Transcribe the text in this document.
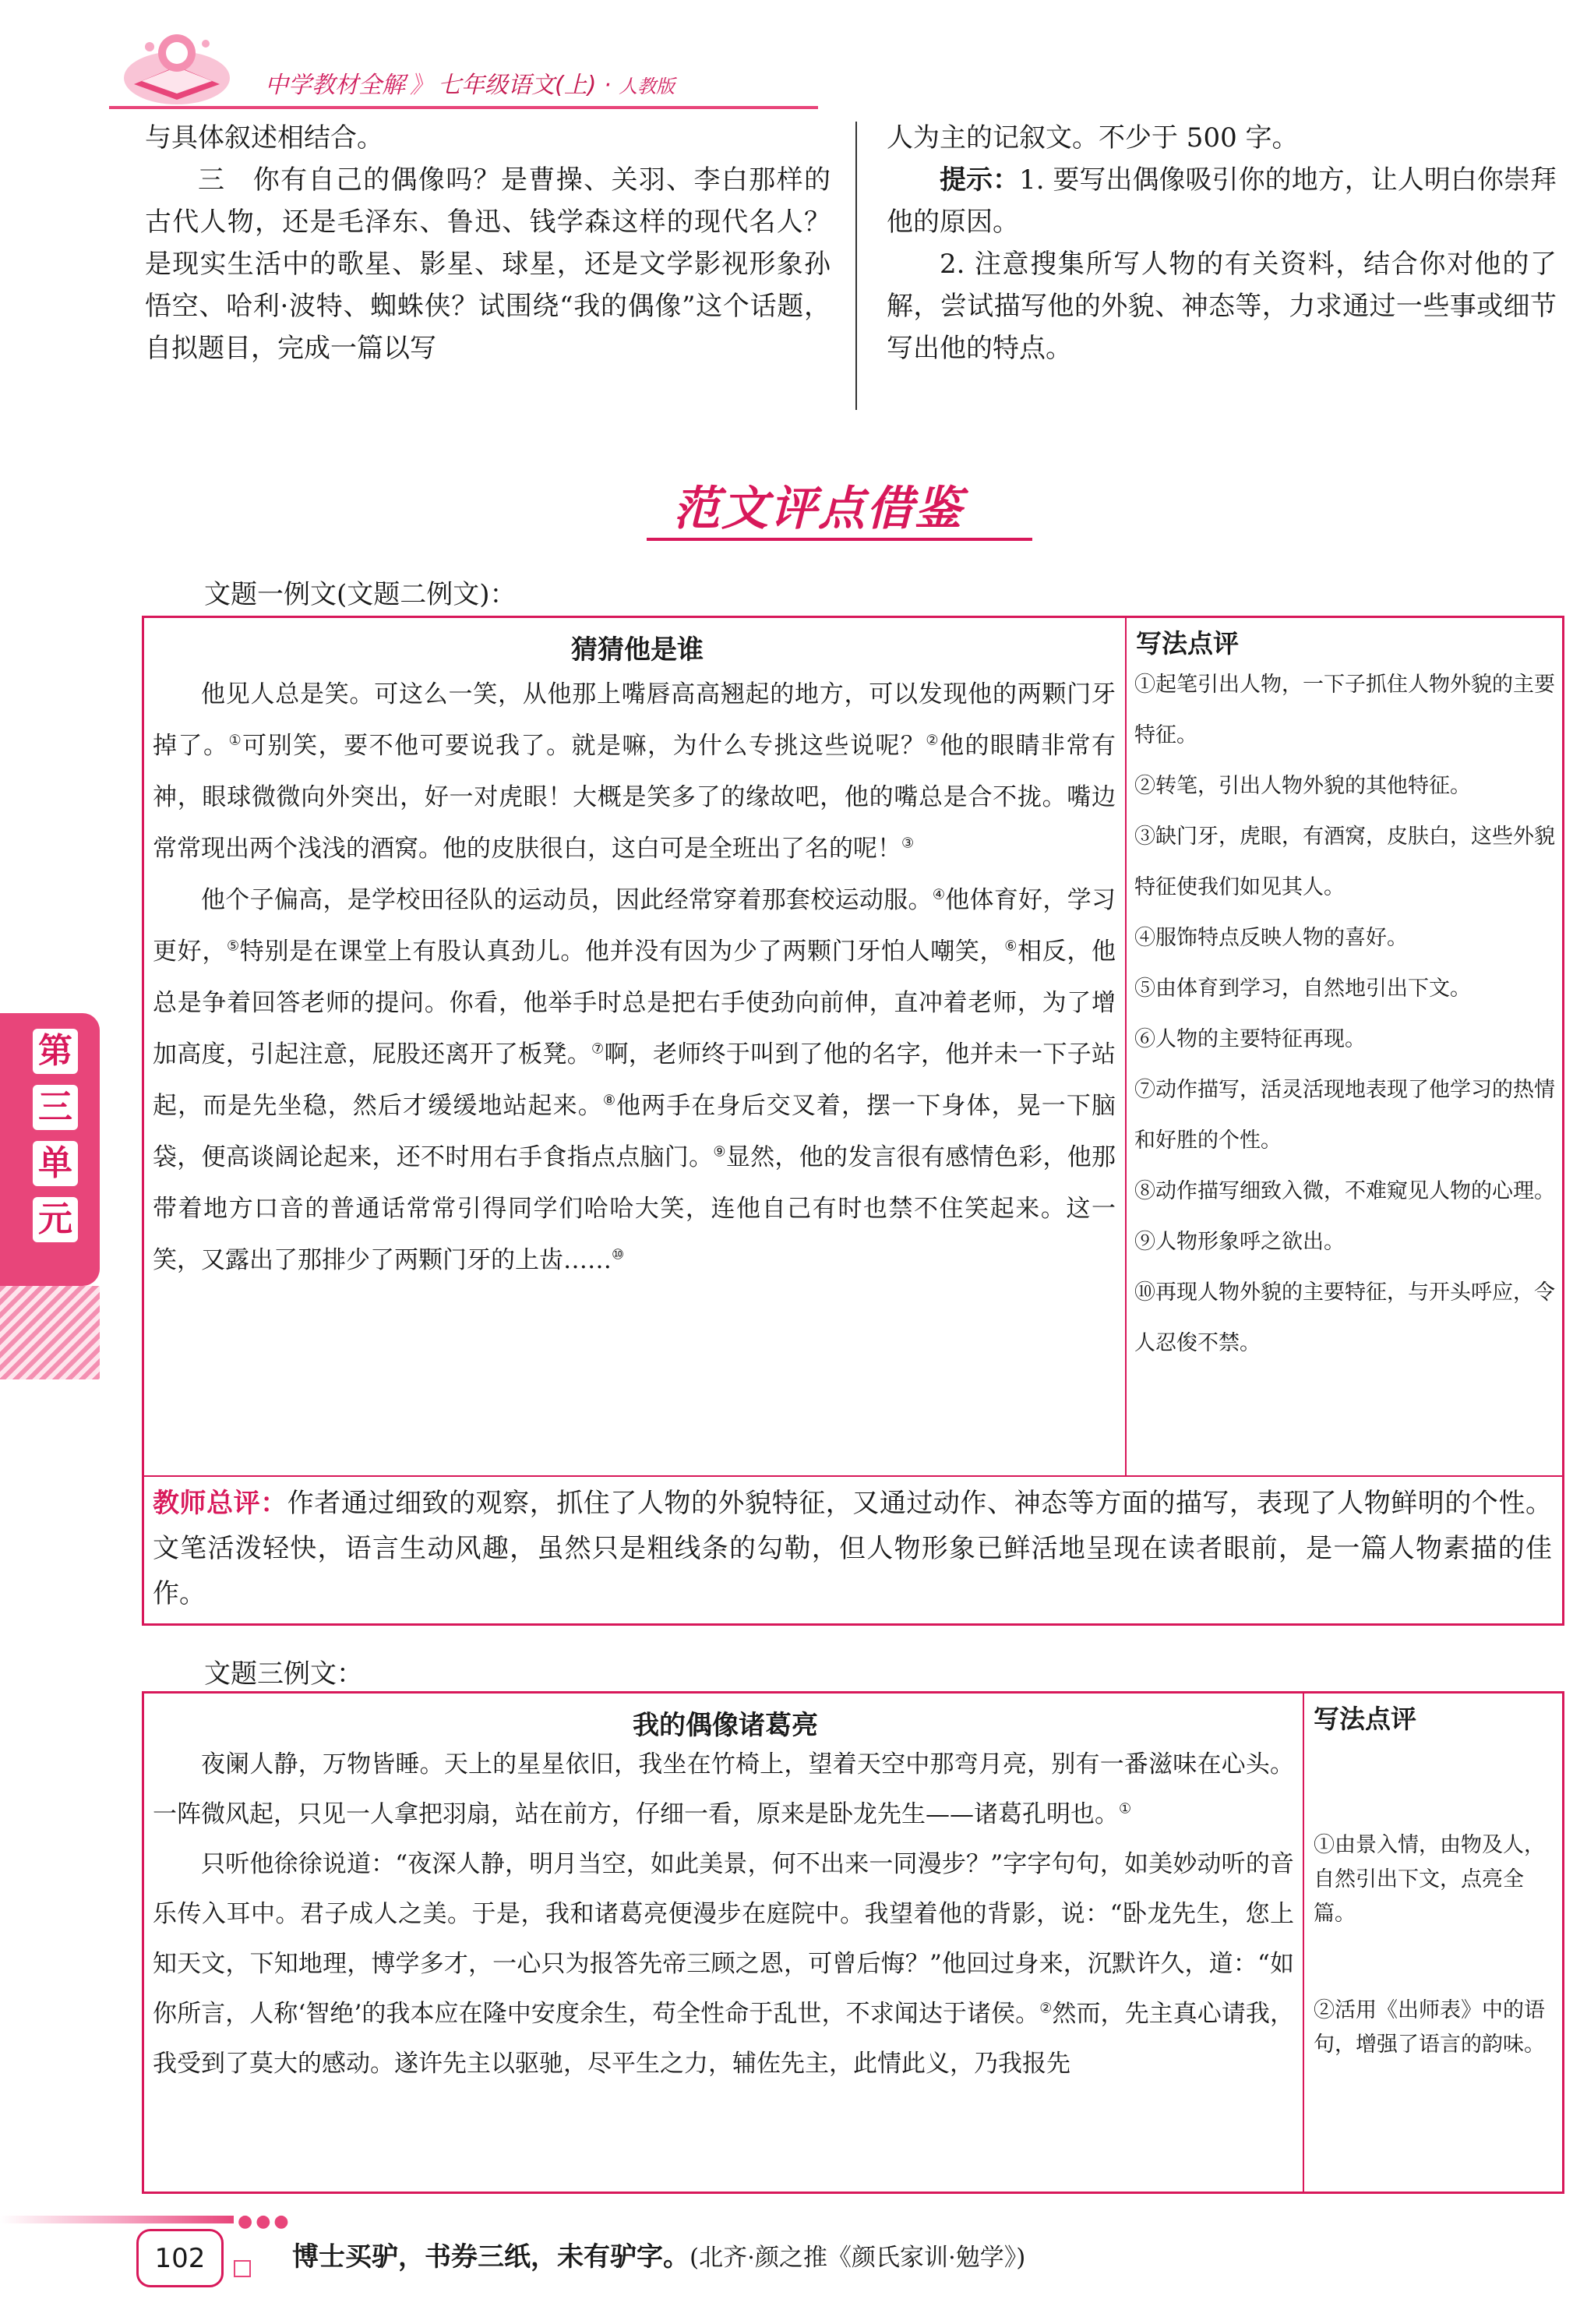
中学教材全解 》 七年级语文(上) · 人教版

与具体叙述相结合。

三　你有自己的偶像吗？是曹操、关羽、李白那样的古代人物，还是毛泽东、鲁迅、钱学森这样的现代名人？是现实生活中的歌星、影星、球星，还是文学影视形象孙悟空、哈利·波特、蜘蛛侠？试围绕“我的偶像”这个话题，自拟题目，完成一篇以写

人为主的记叙文。不少于 500 字。

提示：1. 要写出偶像吸引你的地方，让人明白你崇拜他的原因。

2. 注意搜集所写人物的有关资料，结合你对他的了解，尝试描写他的外貌、神态等，力求通过一些事或细节写出他的特点。

范文评点借鉴
文题一例文(文题二例文)：
猜猜他是谁

他见人总是笑。可这么一笑，从他那上嘴唇高高翘起的地方，可以发现他的两颗门牙掉了。①可别笑，要不他可要说我了。就是嘛，为什么专挑这些说呢？②他的眼睛非常有神，眼球微微向外突出，好一对虎眼！大概是笑多了的缘故吧，他的嘴总是合不拢。嘴边常常现出两个浅浅的酒窝。他的皮肤很白，这白可是全班出了名的呢！③

他个子偏高，是学校田径队的运动员，因此经常穿着那套校运动服。④他体育好，学习更好，⑤特别是在课堂上有股认真劲儿。他并没有因为少了两颗门牙怕人嘲笑，⑥相反，他总是争着回答老师的提问。你看，他举手时总是把右手使劲向前伸，直冲着老师，为了增加高度，引起注意，屁股还离开了板凳。⑦啊，老师终于叫到了他的名字，他并未一下子站起，而是先坐稳，然后才缓缓地站起来。⑧他两手在身后交叉着，摆一下身体，晃一下脑袋，便高谈阔论起来，还不时用右手食指点点脑门。⑨显然，他的发言很有感情色彩，他那带着地方口音的普通话常常引得同学们哈哈大笑，连他自己有时也禁不住笑起来。这一笑，又露出了那排少了两颗门牙的上齿……⑩

写法点评
①起笔引出人物，一下子抓住人物外貌的主要特征。
②转笔，引出人物外貌的其他特征。
③缺门牙，虎眼，有酒窝，皮肤白，这些外貌特征使我们如见其人。
④服饰特点反映人物的喜好。
⑤由体育到学习，自然地引出下文。
⑥人物的主要特征再现。
⑦动作描写，活灵活现地表现了他学习的热情和好胜的个性。
⑧动作描写细致入微，不难窥见人物的心理。
⑨人物形象呼之欲出。
⑩再现人物外貌的主要特征，与开头呼应，令人忍俊不禁。
教师总评：作者通过细致的观察，抓住了人物的外貌特征，又通过动作、神态等方面的描写，表现了人物鲜明的个性。文笔活泼轻快，语言生动风趣，虽然只是粗线条的勾勒，但人物形象已鲜活地呈现在读者眼前，是一篇人物素描的佳作。
文题三例文：
我的偶像诸葛亮

夜阑人静，万物皆睡。天上的星星依旧，我坐在竹椅上，望着天空中那弯月亮，别有一番滋味在心头。一阵微风起，只见一人拿把羽扇，站在前方，仔细一看，原来是卧龙先生——诸葛孔明也。①

只听他徐徐说道：“夜深人静，明月当空，如此美景，何不出来一同漫步？”字字句句，如美妙动听的音乐传入耳中。君子成人之美。于是，我和诸葛亮便漫步在庭院中。我望着他的背影，说：“卧龙先生，您上知天文，下知地理，博学多才，一心只为报答先帝三顾之恩，可曾后悔？”他回过身来，沉默许久，道：“如你所言，人称‘智绝’的我本应在隆中安度余生，苟全性命于乱世，不求闻达于诸侯。②然而，先主真心请我，我受到了莫大的感动。遂许先主以驱驰，尽平生之力，辅佐先主，此情此义，乃我报先

写法点评
①由景入情，由物及人，自然引出下文，点亮全篇。
②活用《出师表》中的语句，增强了语言的韵味。
第
三
单
元
●●●
102	博士买驴，书券三纸，未有驴字。(北齐·颜之推《颜氏家训·勉学》)
